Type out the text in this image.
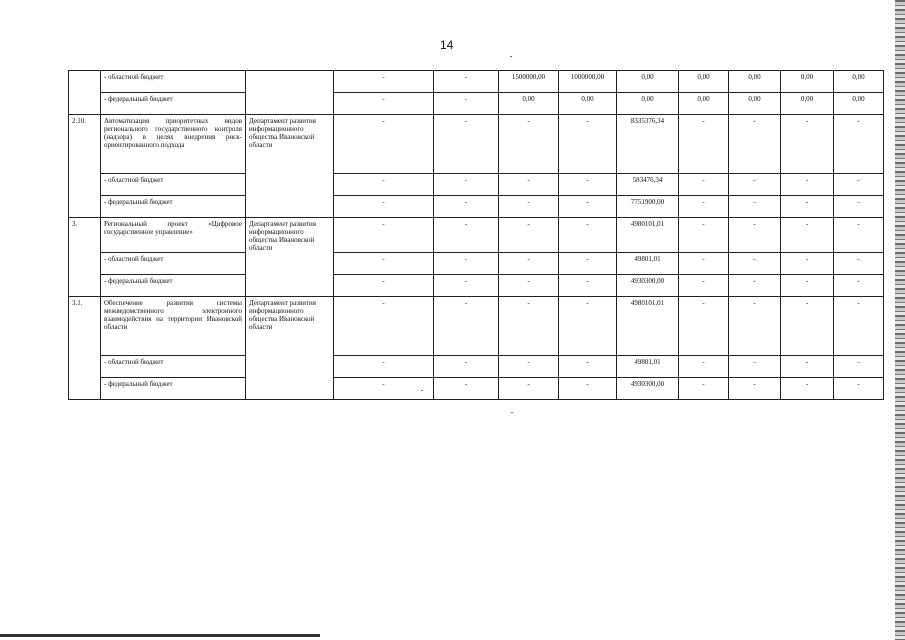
14
	- областной бюджет		-	-	1500000,00	1000000,00	0,00	0,00	0,00	0,00	0,00
	- федеральный бюджет		-	-	0,00	0,00	0,00	0,00	0,00	0,00	0,00
2.10.	Автоматизация приоритетных видов регионального государственного контроля (надзора) в целях внедрения риск-ориентированного подхода	Департамент развития информационного общества Ивановской области	-	-	-	-	8335376,34	-	-	-	-
	- областной бюджет		-	-	-	-	583476,34	-	-	-	-
	- федеральный бюджет		-	-	-	-	7751900,00	-	-	-	-
3.	Региональный проект «Цифровое государственное управление»	Департамент развития информационного общества Ивановской области	-	-	-	-	4980101,01	-	-	-	-
	- областной бюджет		-	-	-	-	49801,01	-	-	-	-
	- федеральный бюджет		-	-	-	-	4930300,00	-	-	-	-
3.1.	Обеспечение развития системы межведомственного электронного взаимодействия на территории Ивановской области	Департамент развития информационного общества Ивановской области	-	-	-	-	4980101,01	-	-	-	-
	- областной бюджет		-	-	-	-	49801,01	-	-	-	-
	- федеральный бюджет		-	-	-	-	4930300,00	-	-	-	-
